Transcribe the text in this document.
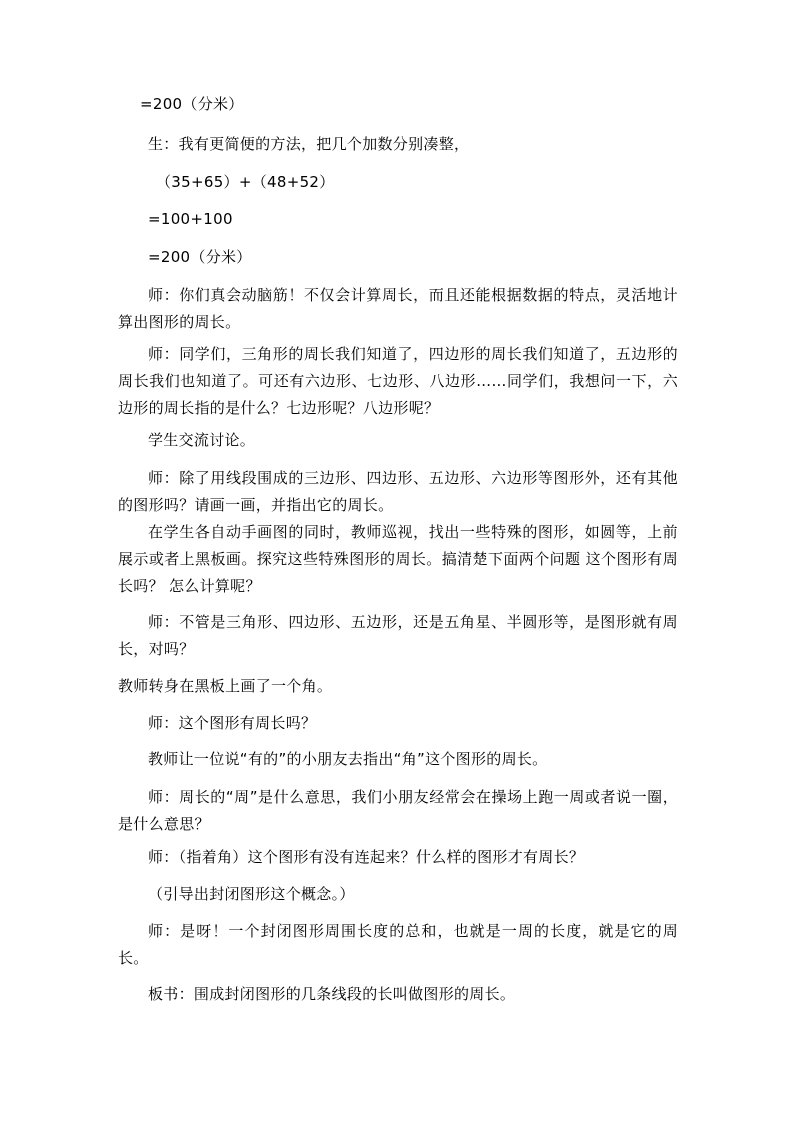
=200（分米）
生：我有更简便的方法，把几个加数分别凑整，
（35+65）+（48+52）
=100+100
=200（分米）
师：你们真会动脑筋！不仅会计算周长，而且还能根据数据的特点，灵活地计算出图形的周长。
师：同学们，三角形的周长我们知道了，四边形的周长我们知道了，五边形的周长我们也知道了。可还有六边形、七边形、八边形……同学们，我想问一下，六边形的周长指的是什么？七边形呢？八边形呢？
学生交流讨论。
师：除了用线段围成的三边形、四边形、五边形、六边形等图形外，还有其他的图形吗？请画一画，并指出它的周长。
在学生各自动手画图的同时，教师巡视，找出一些特殊的图形，如圆等，上前展示或者上黑板画。探究这些特殊图形的周长。搞清楚下面两个问题 这个图形有周长吗？ 怎么计算呢？
师：不管是三角形、四边形、五边形，还是五角星、半圆形等，是图形就有周长，对吗？
教师转身在黑板上画了一个角。
师：这个图形有周长吗？
教师让一位说“有的”的小朋友去指出“角”这个图形的周长。
师：周长的“周”是什么意思，我们小朋友经常会在操场上跑一周或者说一圈，是什么意思？
师：（指着角）这个图形有没有连起来？什么样的图形才有周长？
（引导出封闭图形这个概念。）
师：是呀！一个封闭图形周围长度的总和，也就是一周的长度，就是它的周长。
板书：围成封闭图形的几条线段的长叫做图形的周长。
